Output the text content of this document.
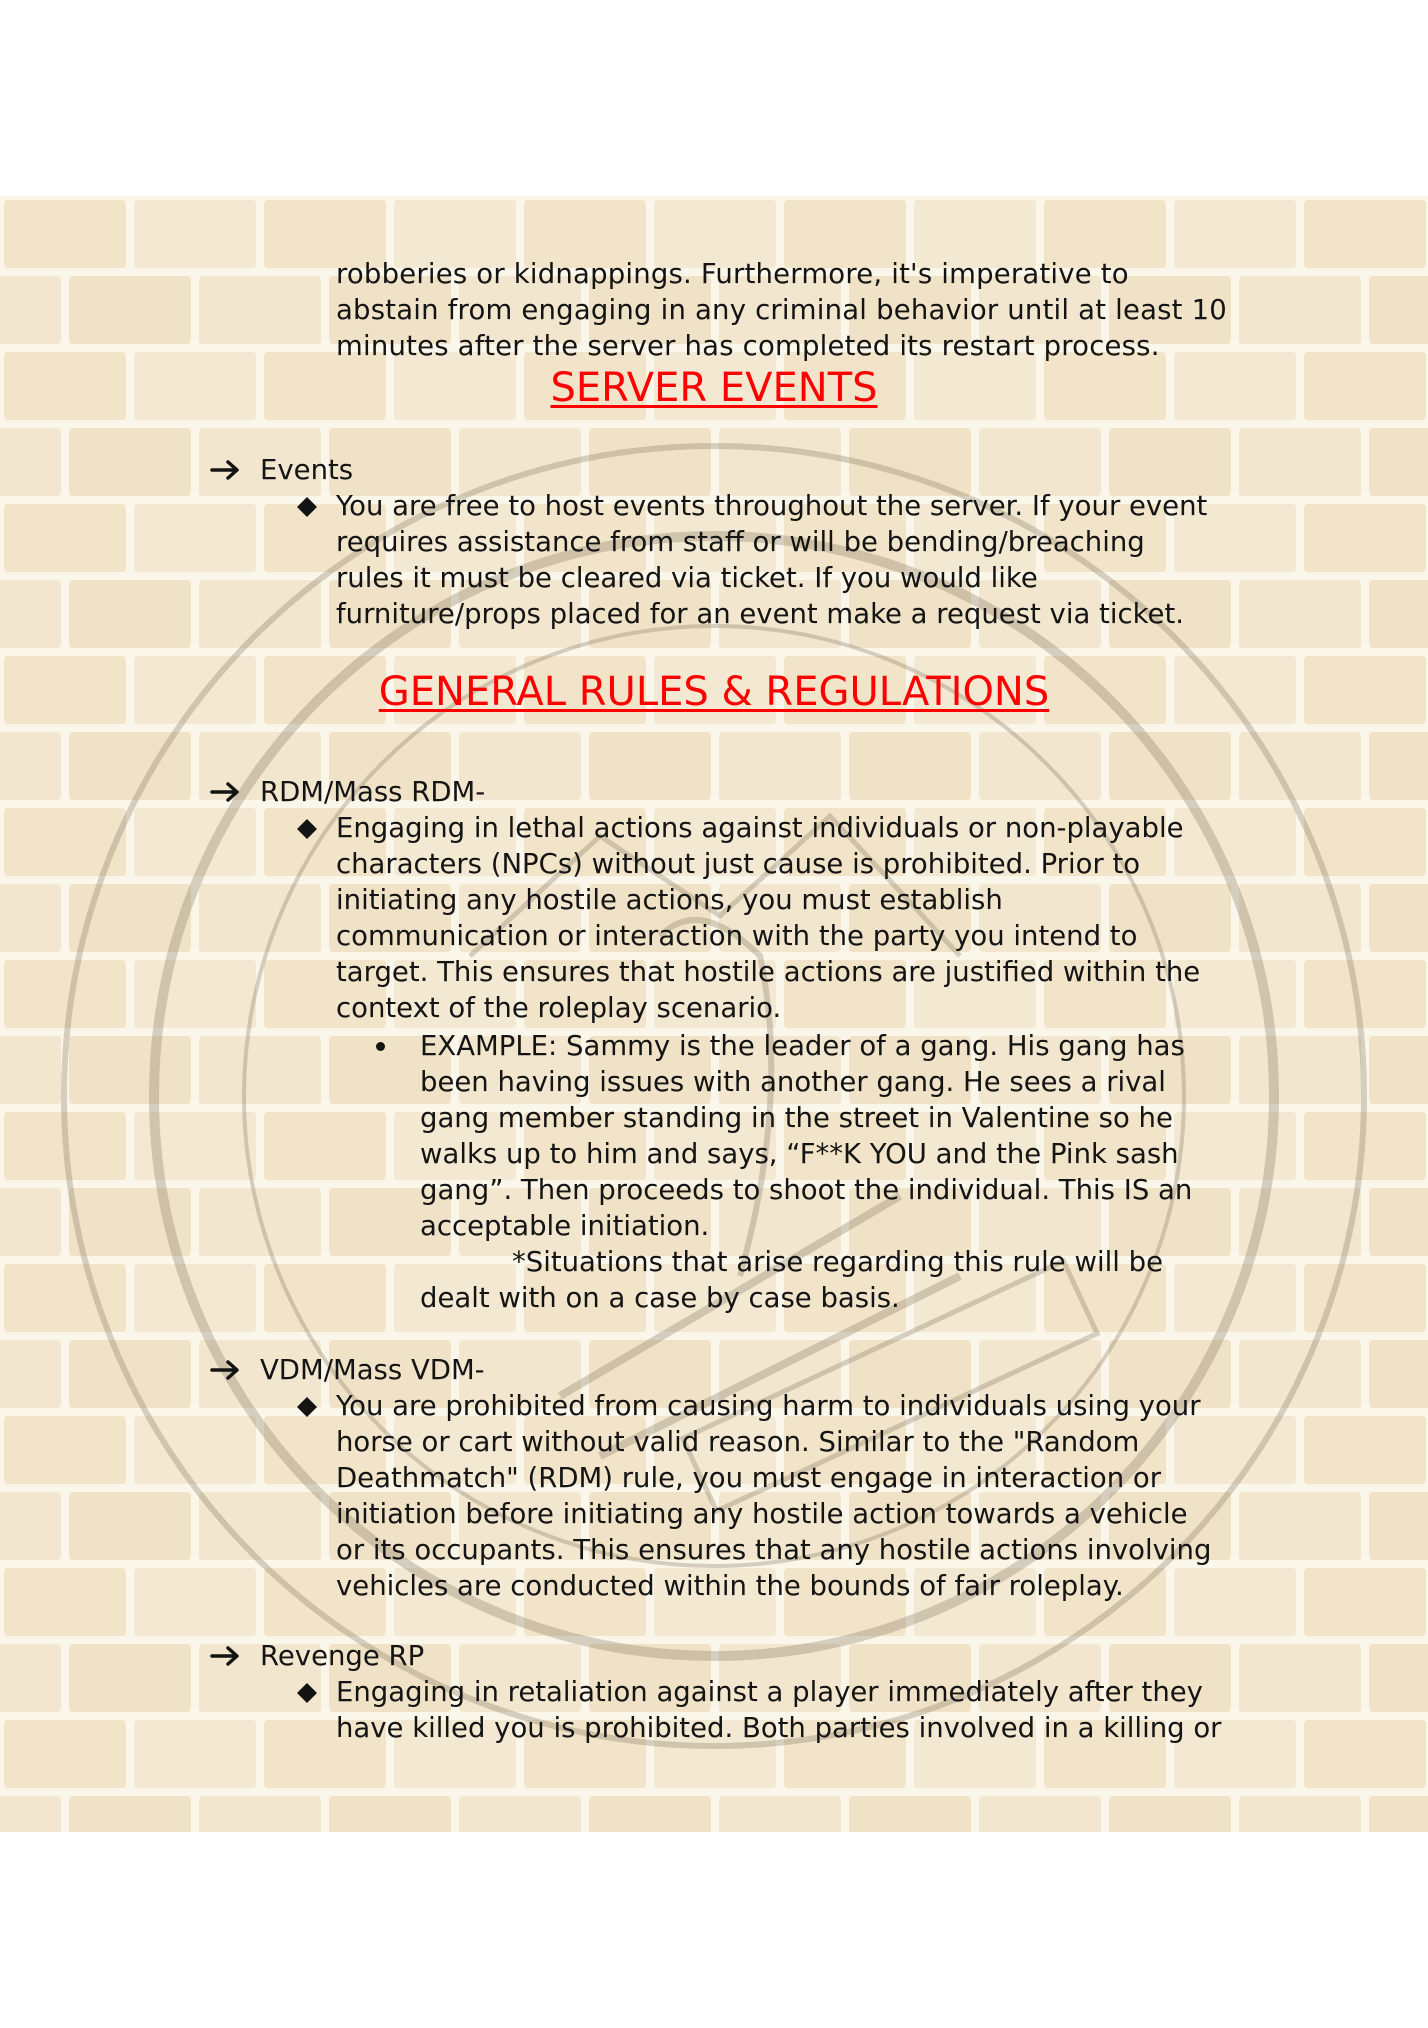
robberies or kidnappings. Furthermore, it's imperative to
abstain from engaging in any criminal behavior until at least 10
minutes after the server has completed its restart process.
SERVER EVENTS
Events
You are free to host events throughout the server. If your event
requires assistance from staff or will be bending/breaching
rules it must be cleared via ticket. If you would like
furniture/props placed for an event make a request via ticket.
GENERAL RULES & REGULATIONS
RDM/Mass RDM-
Engaging in lethal actions against individuals or non-playable
characters (NPCs) without just cause is prohibited. Prior to
initiating any hostile actions, you must establish
communication or interaction with the party you intend to
target. This ensures that hostile actions are justified within the
context of the roleplay scenario.
EXAMPLE: Sammy is the leader of a gang. His gang has
been having issues with another gang. He sees a rival
gang member standing in the street in Valentine so he
walks up to him and says, “F**K YOU and the Pink sash
gang”. Then proceeds to shoot the individual. This IS an
acceptable initiation.
*Situations that arise regarding this rule will be
dealt with on a case by case basis.
VDM/Mass VDM-
You are prohibited from causing harm to individuals using your
horse or cart without valid reason. Similar to the "Random
Deathmatch" (RDM) rule, you must engage in interaction or
initiation before initiating any hostile action towards a vehicle
or its occupants. This ensures that any hostile actions involving
vehicles are conducted within the bounds of fair roleplay.
Revenge RP
Engaging in retaliation against a player immediately after they
have killed you is prohibited. Both parties involved in a killing or
